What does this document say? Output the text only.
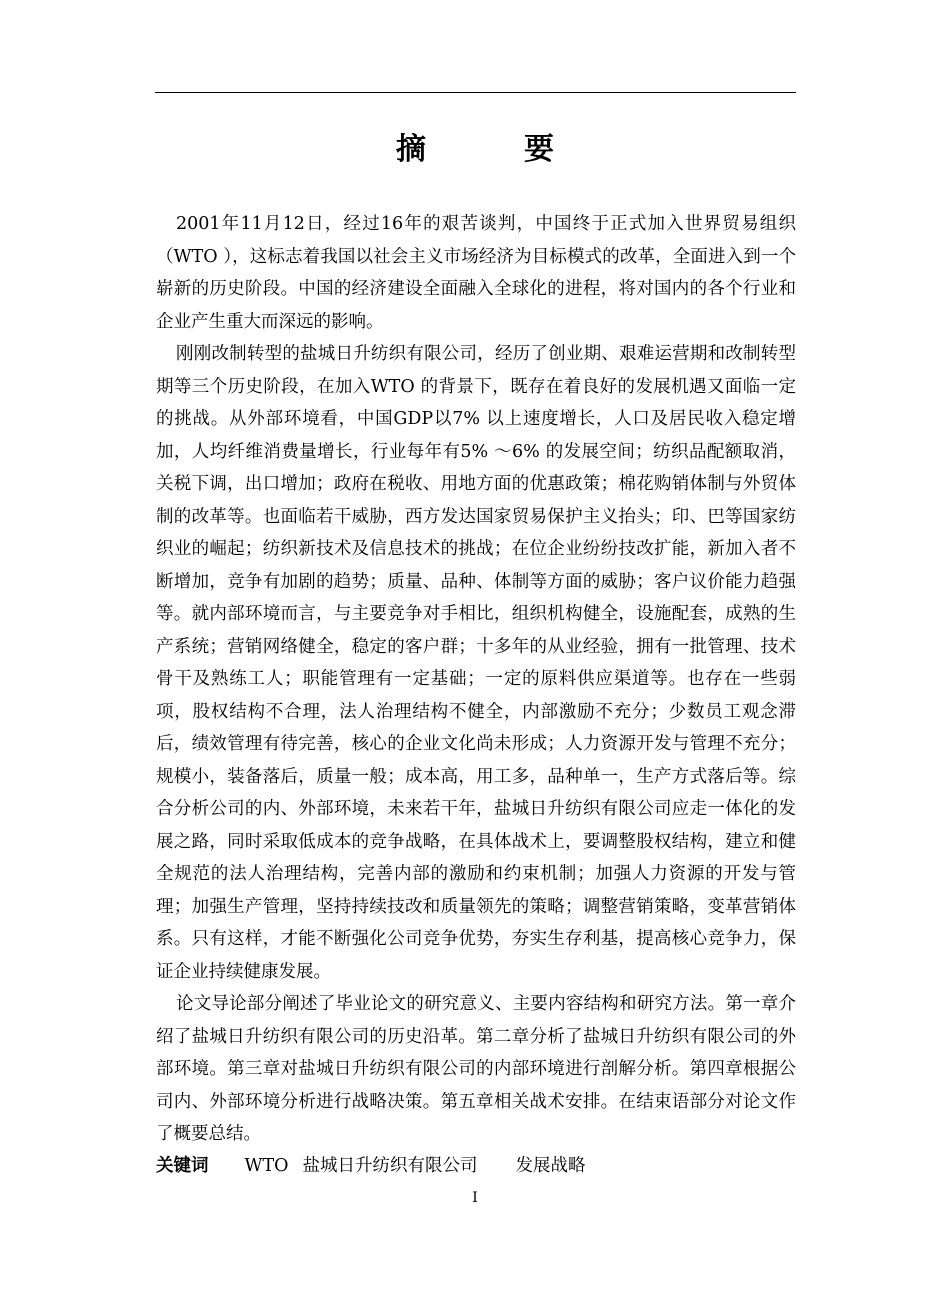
摘　要

2001年11月12日，经过16年的艰苦谈判，中国终于正式加入世界贸易组织（WTO ），这标志着我国以社会主义市场经济为目标模式的改革，全面进入到一个崭新的历史阶段。中国的经济建设全面融入全球化的进程，将对国内的各个行业和企业产生重大而深远的影响。

刚刚改制转型的盐城日升纺织有限公司，经历了创业期、艰难运营期和改制转型期等三个历史阶段，在加入WTO 的背景下，既存在着良好的发展机遇又面临一定的挑战。从外部环境看，中国GDP以7% 以上速度增长，人口及居民收入稳定增加，人均纤维消费量增长，行业每年有5% ～6% 的发展空间；纺织品配额取消，关税下调，出口增加；政府在税收、用地方面的优惠政策；棉花购销体制与外贸体制的改革等。也面临若干威胁，西方发达国家贸易保护主义抬头；印、巴等国家纺织业的崛起；纺织新技术及信息技术的挑战；在位企业纷纷技改扩能，新加入者不断增加，竞争有加剧的趋势；质量、品种、体制等方面的威胁；客户议价能力趋强等。就内部环境而言，与主要竞争对手相比，组织机构健全，设施配套，成熟的生产系统；营销网络健全，稳定的客户群；十多年的从业经验，拥有一批管理、技术骨干及熟练工人；职能管理有一定基础；一定的原料供应渠道等。也存在一些弱项，股权结构不合理，法人治理结构不健全，内部激励不充分；少数员工观念滞后，绩效管理有待完善，核心的企业文化尚未形成；人力资源开发与管理不充分；规模小，装备落后，质量一般；成本高，用工多，品种单一，生产方式落后等。综合分析公司的内、外部环境，未来若干年，盐城日升纺织有限公司应走一体化的发展之路，同时采取低成本的竞争战略，在具体战术上，要调整股权结构，建立和健全规范的法人治理结构，完善内部的激励和约束机制；加强人力资源的开发与管理；加强生产管理，坚持持续技改和质量领先的策略；调整营销策略，变革营销体系。只有这样，才能不断强化公司竞争优势，夯实生存利基，提高核心竞争力，保证企业持续健康发展。

论文导论部分阐述了毕业论文的研究意义、主要内容结构和研究方法。第一章介绍了盐城日升纺织有限公司的历史沿革。第二章分析了盐城日升纺织有限公司的外部环境。第三章对盐城日升纺织有限公司的内部环境进行剖解分析。第四章根据公司内、外部环境分析进行战略决策。第五章相关战术安排。在结束语部分对论文作了概要总结。

关键词 WTO 盐城日升纺织有限公司 发展战略

I
